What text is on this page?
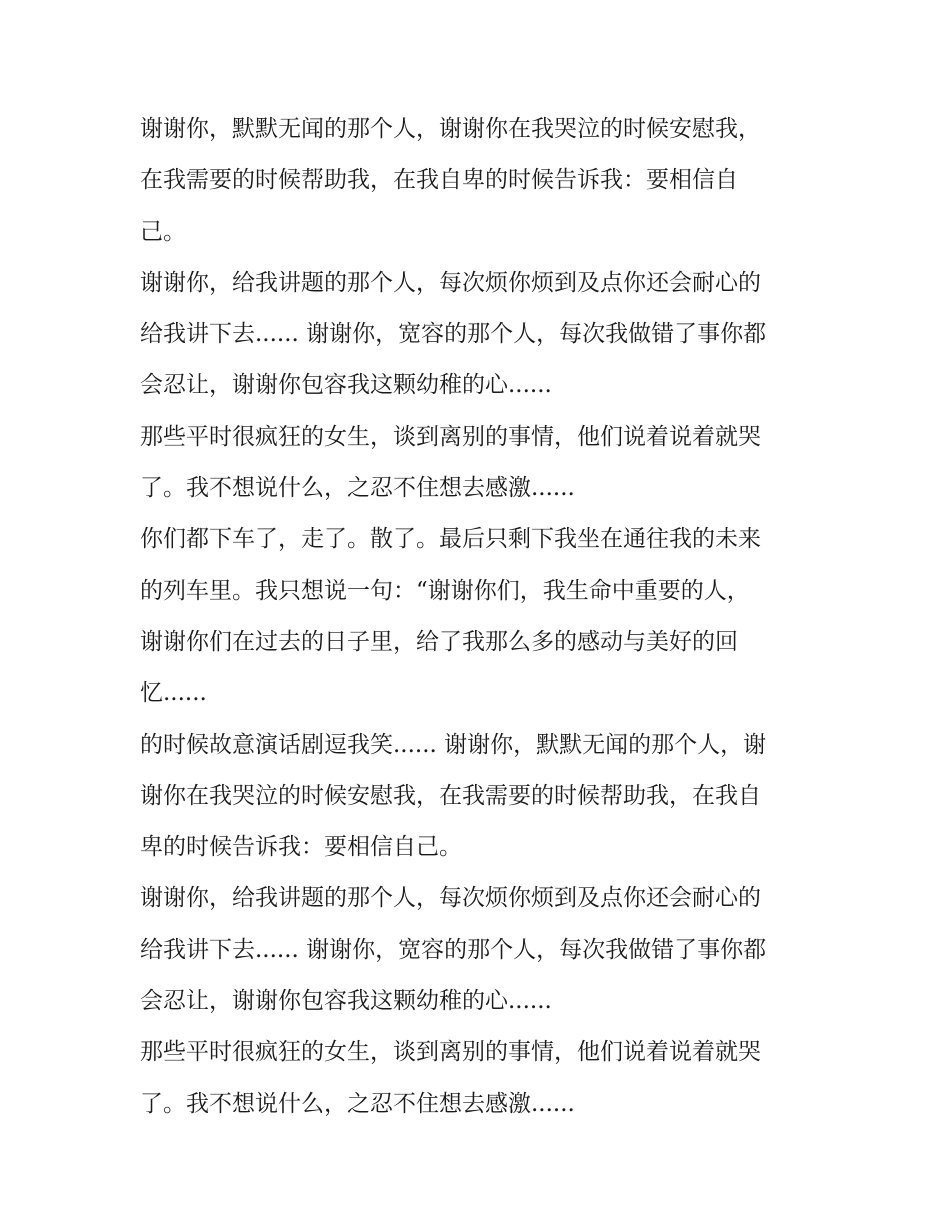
谢谢你，默默无闻的那个人，谢谢你在我哭泣的时候安慰我，
在我需要的时候帮助我，在我自卑的时候告诉我：要相信自
己。
谢谢你，给我讲题的那个人，每次烦你烦到及点你还会耐心的
给我讲下去...... 谢谢你，宽容的那个人，每次我做错了事你都
会忍让，谢谢你包容我这颗幼稚的心......
那些平时很疯狂的女生，谈到离别的事情，他们说着说着就哭
了。我不想说什么，之忍不住想去感激......
你们都下车了，走了。散了。最后只剩下我坐在通往我的未来
的列车里。我只想说一句：“谢谢你们，我生命中重要的人，
谢谢你们在过去的日子里，给了我那么多的感动与美好的回
忆......
的时候故意演话剧逗我笑...... 谢谢你，默默无闻的那个人，谢
谢你在我哭泣的时候安慰我，在我需要的时候帮助我，在我自
卑的时候告诉我：要相信自己。
谢谢你，给我讲题的那个人，每次烦你烦到及点你还会耐心的
给我讲下去...... 谢谢你，宽容的那个人，每次我做错了事你都
会忍让，谢谢你包容我这颗幼稚的心......
那些平时很疯狂的女生，谈到离别的事情，他们说着说着就哭
了。我不想说什么，之忍不住想去感激......
